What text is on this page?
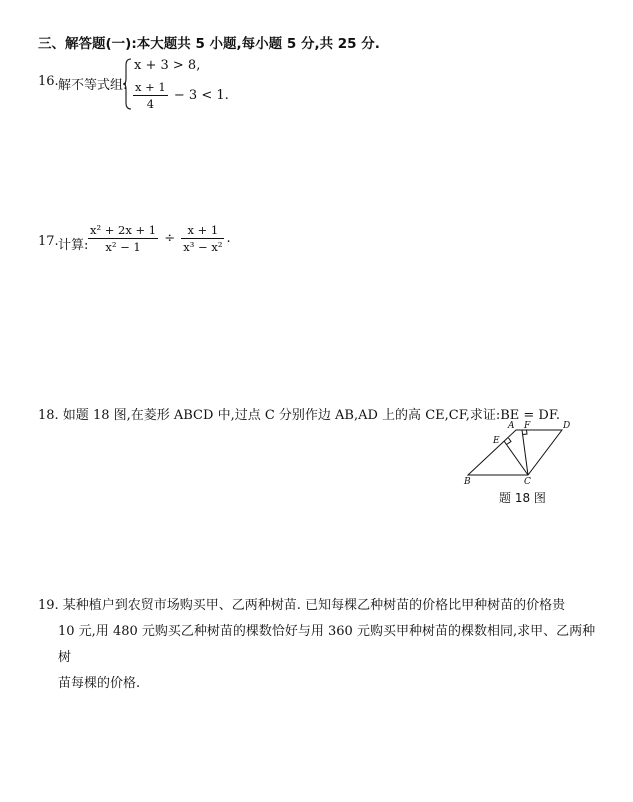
三、解答题(一):本大题共 5 小题,每小题 5 分,共 25 分.
16. 解不等式组:
x + 3 > 8,
$\frac{x + 1}{4} - 3 < 1$.
17. 计算: $\frac{\text{x² + 2x + 1}}{\text{x² − 1}} \div \frac{x + 1}{\text{x³ − x²}}$ .
18. 如题 18 图,在菱形 ABCD 中,过点 C 分别作边 AB,AD 上的高 CE,CF,求证:BE = DF.
A F	D
E
B	C
题 18 图
19. 某种植户到农贸市场购买甲、乙两种树苗. 已知每棵乙种树苗的价格比甲种树苗的价格贵
10 元,用 480 元购买乙种树苗的棵数恰好与用 360 元购买甲种树苗的棵数相同,求甲、乙两种树
苗每棵的价格.
